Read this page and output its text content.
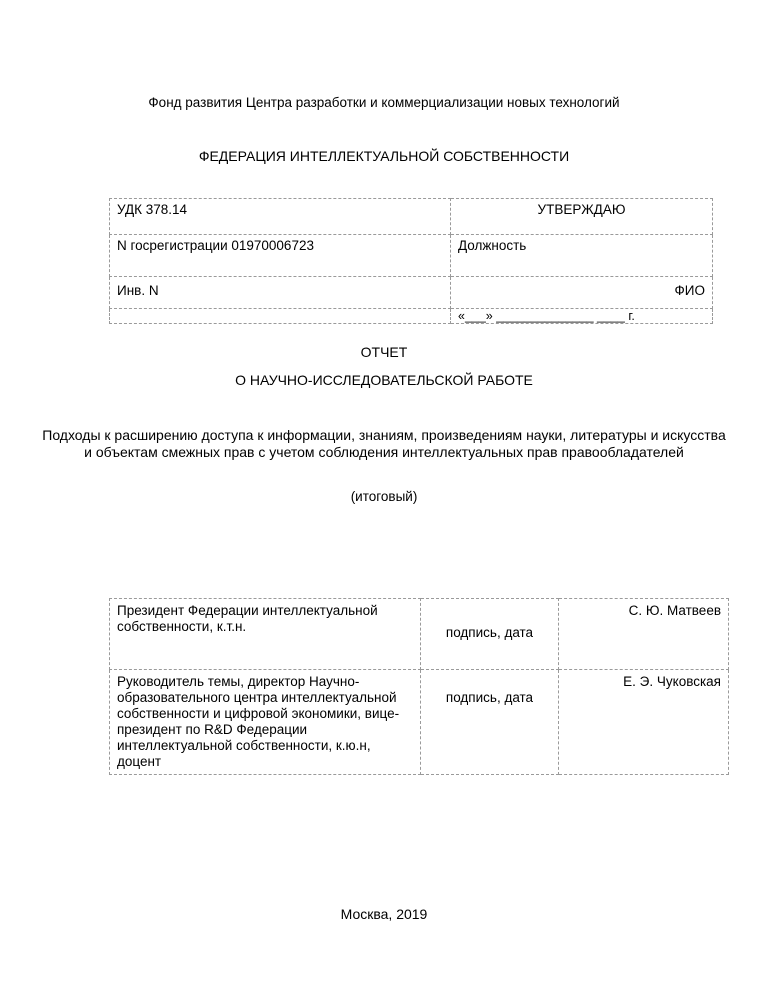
Фонд развития Центра разработки и коммерциализации новых технологий
ФЕДЕРАЦИЯ ИНТЕЛЛЕКТУАЛЬНОЙ СОБСТВЕННОСТИ
УДК 378.14	УТВЕРЖДАЮ
N госрегистрации 01970006723	Должность
Инв. N	ФИО
	«___» ______________ ____ г.
ОТЧЕТ
О НАУЧНО-ИССЛЕДОВАТЕЛЬСКОЙ РАБОТЕ
Подходы к расширению доступа к информации, знаниям, произведениям науки, литературы и искусства и объектам смежных прав с учетом соблюдения интеллектуальных прав правообладателей
(итоговый)
Президент Федерации интеллектуальной собственности, к.т.н.	подпись, дата	С. Ю. Матвеев
Руководитель темы, директор Научно-образовательного центра интеллектуальной собственности и цифровой экономики, вице-президент по R&D Федерации интеллектуальной собственности, к.ю.н, доцент	подпись, дата	Е. Э. Чуковская
Москва, 2019
